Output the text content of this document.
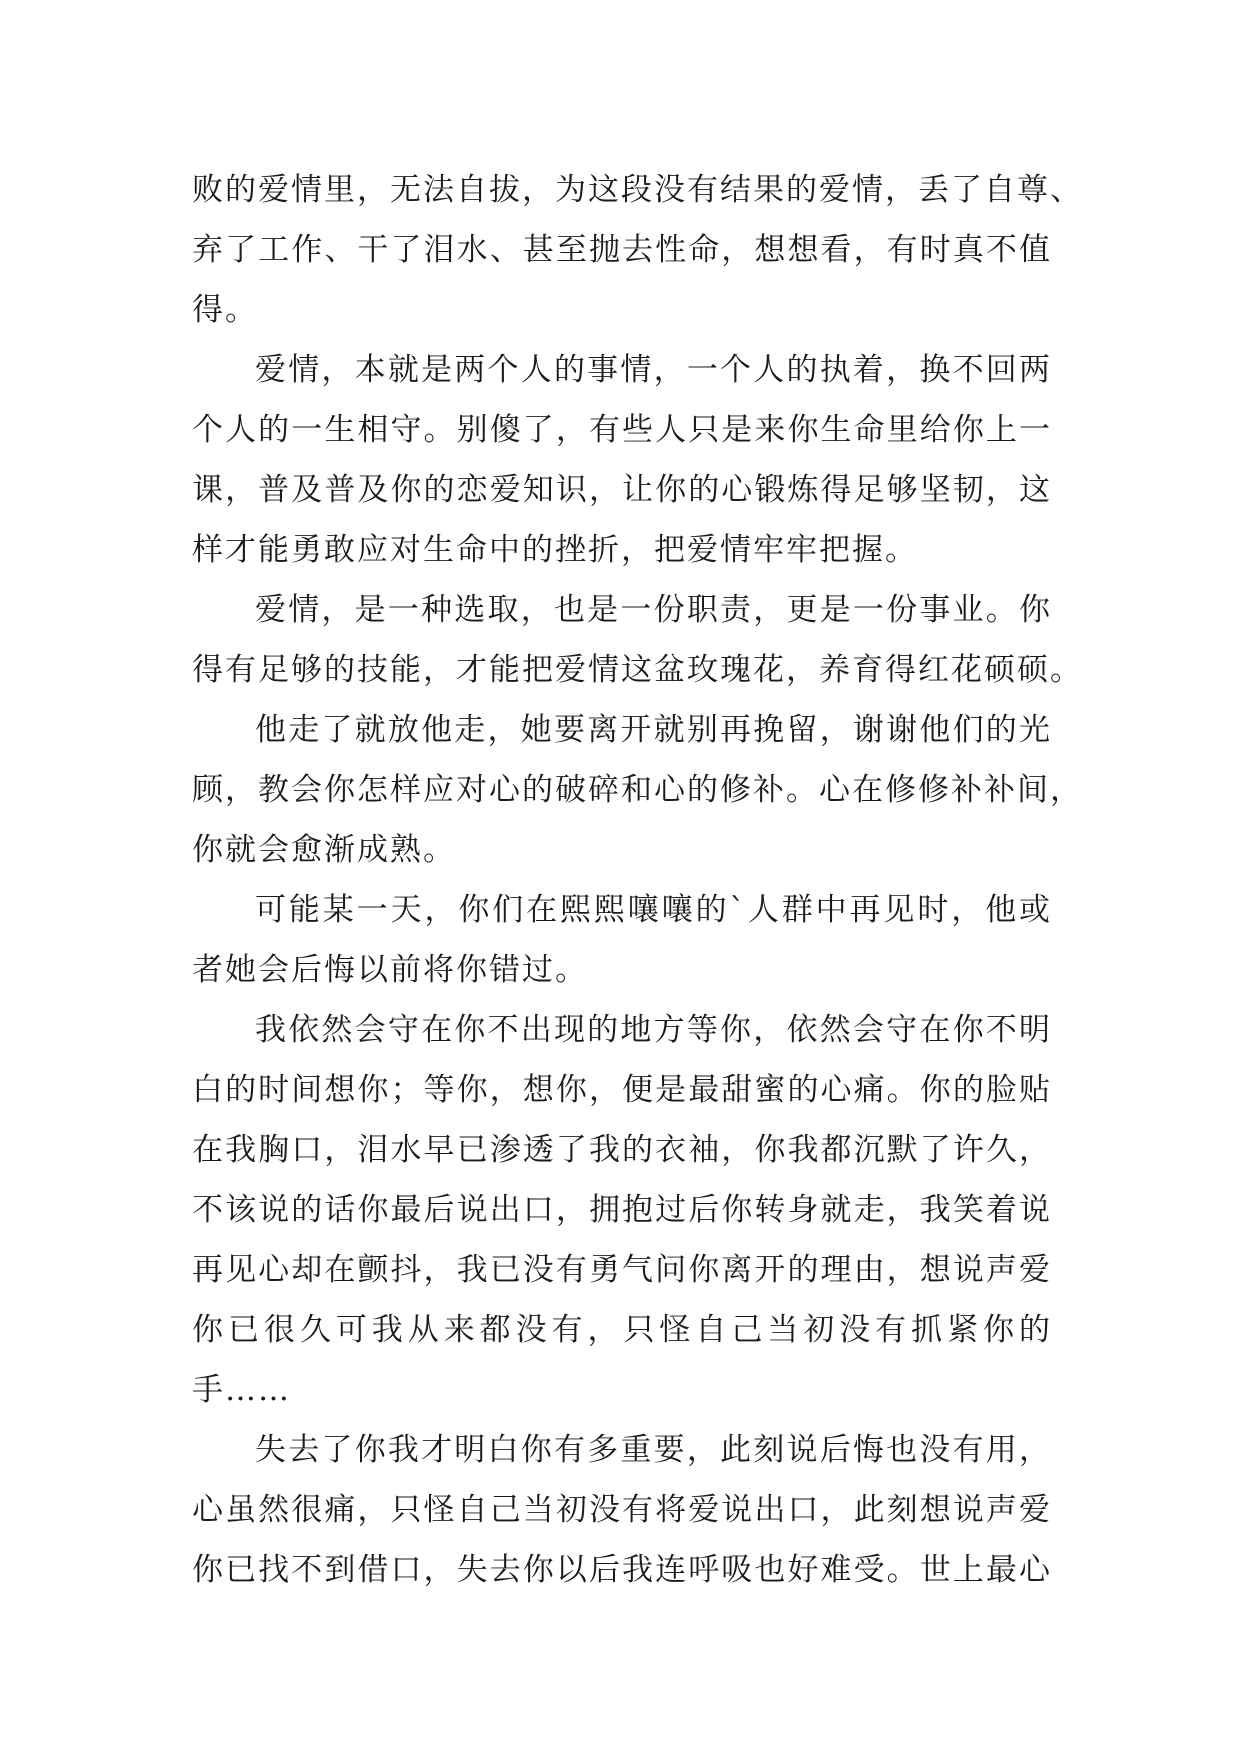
败的爱情里，无法自拔，为这段没有结果的爱情，丢了自尊、
弃了工作、干了泪水、甚至抛去性命，想想看，有时真不值
得。
爱情，本就是两个人的事情，一个人的执着，换不回两
个人的一生相守。别傻了，有些人只是来你生命里给你上一
课，普及普及你的恋爱知识，让你的心锻炼得足够坚韧，这
样才能勇敢应对生命中的挫折，把爱情牢牢把握。
爱情，是一种选取，也是一份职责，更是一份事业。你
得有足够的技能，才能把爱情这盆玫瑰花，养育得红花硕硕。
他走了就放他走，她要离开就别再挽留，谢谢他们的光
顾，教会你怎样应对心的破碎和心的修补。心在修修补补间，
你就会愈渐成熟。
可能某一天，你们在熙熙嚷嚷的`人群中再见时，他或
者她会后悔以前将你错过。
我依然会守在你不出现的地方等你，依然会守在你不明
白的时间想你；等你，想你，便是最甜蜜的心痛。你的脸贴
在我胸口，泪水早已渗透了我的衣袖，你我都沉默了许久，
不该说的话你最后说出口，拥抱过后你转身就走，我笑着说
再见心却在颤抖，我已没有勇气问你离开的理由，想说声爱
你已很久可我从来都没有，只怪自己当初没有抓紧你的
手……
失去了你我才明白你有多重要，此刻说后悔也没有用，
心虽然很痛，只怪自己当初没有将爱说出口，此刻想说声爱
你已找不到借口，失去你以后我连呼吸也好难受。世上最心
